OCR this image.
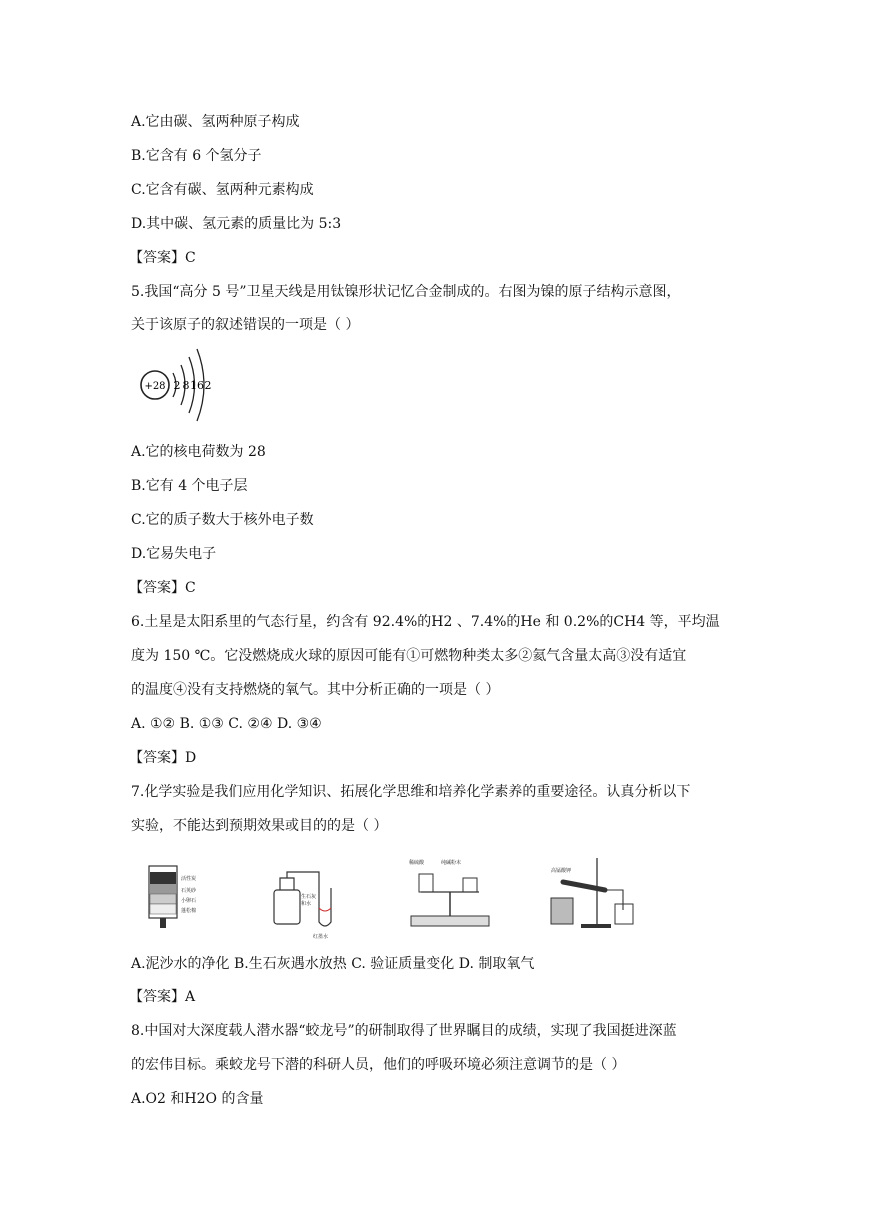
A.它由碳、氢两种原子构成
B.它含有 6 个氢分子
C.它含有碳、氢两种元素构成
D.其中碳、氢元素的质量比为 5:3
【答案】C
5.我国“高分 5 号”卫星天线是用钛镍形状记忆合金制成的。右图为镍的原子结构示意图，
关于该原子的叙述错误的一项是（ ）
+28 2 8 16 2
A.它的核电荷数为 28
B.它有 4 个电子层
C.它的质子数大于核外电子数
D.它易失电子
【答案】C
6.土星是太阳系里的气态行星，约含有 92.4%的H2 、7.4%的He 和 0.2%的CH4 等，平均温
度为 150 ℃。它没燃烧成火球的原因可能有①可燃物种类太多②氦气含量太高③没有适宜
的温度④没有支持燃烧的氧气。其中分析正确的一项是（ ）
A. ①② B. ①③ C. ②④ D. ③④
【答案】D
7.化学实验是我们应用化学知识、拓展化学思维和培养化学素养的重要途径。认真分析以下
实验，不能达到预期效果或目的的是（ ）
活性炭
石英砂
小卵石
蓬松棉
生石灰
和水
红墨水
稀硫酸	纯碱粉末
高锰酸钾
A.泥沙水的净化 B.生石灰遇水放热 C. 验证质量变化 D. 制取氧气
【答案】A
8.中国对大深度载人潜水器“蛟龙号”的研制取得了世界瞩目的成绩，实现了我国挺进深蓝
的宏伟目标。乘蛟龙号下潜的科研人员，他们的呼吸环境必须注意调节的是（ ）
A.O2 和H2O 的含量
